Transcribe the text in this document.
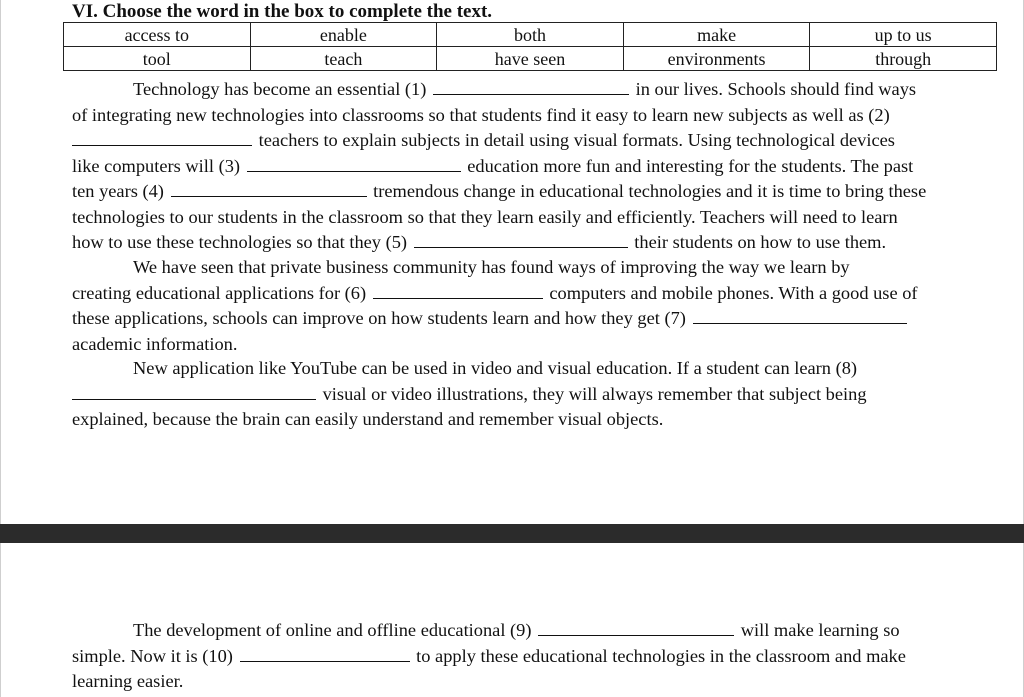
VI. Choose the word in the box to complete the text.
access to	enable	both	make	up to us
tool	teach	have seen	environments	through
Technology has become an essential (1)	in our lives. Schools should find ways
of integrating new technologies into classrooms so that students find it easy to learn new subjects as well as (2)
teachers to explain subjects in detail using visual formats. Using technological devices
like computers will (3)	education more fun and interesting for the students. The past
ten years (4)	tremendous change in educational technologies and it is time to bring these
technologies to our students in the classroom so that they learn easily and efficiently. Teachers will need to learn
how to use these technologies so that they (5)	their students on how to use them.
We have seen that private business community has found ways of improving the way we learn by
creating educational applications for (6)	computers and mobile phones. With a good use of
these applications, schools can improve on how students learn and how they get (7)
academic information.
New application like YouTube can be used in video and visual education. If a student can learn (8)
visual or video illustrations, they will always remember that subject being
explained, because the brain can easily understand and remember visual objects.
The development of online and offline educational (9)	will make learning so
simple. Now it is (10)	to apply these educational technologies in the classroom and make
learning easier.
